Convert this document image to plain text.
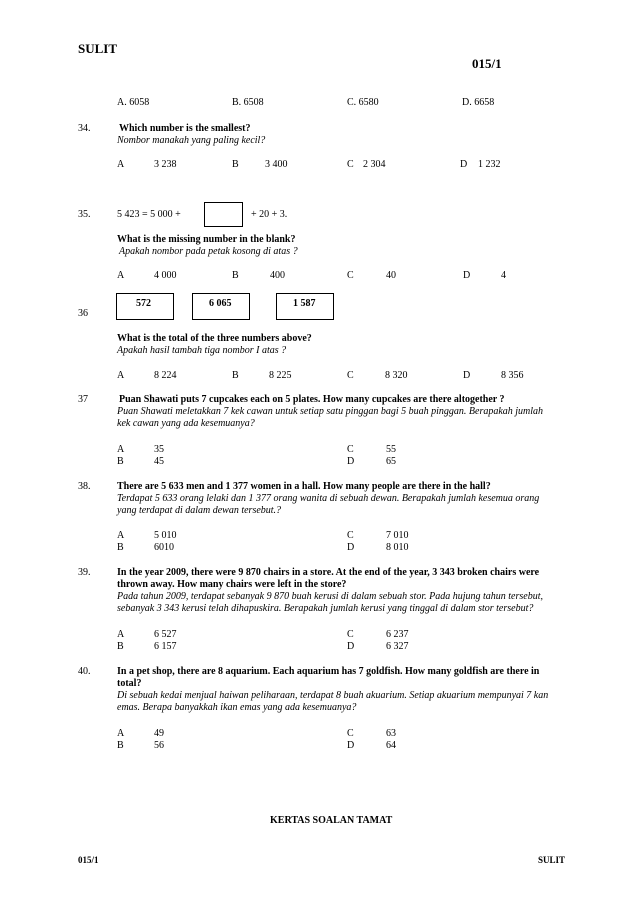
SULIT
015/1
A. 6058	B. 6508	C. 6580	D. 6658
34.	Which number is the smallest?
Nombor manakah yang paling kecil?
A	3 238	B	3 400	C 2 304	D 1 232
35.	5 423 = 5 000 +	+ 20 + 3.
What is the missing number in the blank?
Apakah nombor pada petak kosong di atas ?
A	4 000	B	400	C	40	D	4
572	6 065	1 587
36
What is the total of the three numbers above?
Apakah hasil tambah tiga nombor I atas ?
A	8 224	B	8 225	C	8 320	D	8 356
37	Puan Shawati puts 7 cupcakes each on 5 plates. How many cupcakes are there altogether ?
Puan Shawati meletakkan 7 kek cawan untuk setiap satu pinggan bagi 5 buah pinggan. Berapakah jumlah
kek cawan yang ada kesemuanya?
A	35
B	45
C	55
D	65
38.	There are 5 633 men and 1 377 women in a hall. How many people are there in the hall?
Terdapat 5 633 orang lelaki dan 1 377 orang wanita di sebuah dewan. Berapakah jumlah kesemua orang
yang terdapat di dalam dewan tersebut.?
A	5 010
B	6010
C	7 010
D	8 010
39.	In the year 2009, there were 9 870 chairs in a store. At the end of the year, 3 343 broken chairs were
thrown away. How many chairs were left in the store?
Pada tahun 2009, terdapat sebanyak 9 870 buah kerusi di dalam sebuah stor. Pada hujung tahun tersebut,
sebanyak 3 343 kerusi telah dihapuskira. Berapakah jumlah kerusi yang tinggal di dalam stor tersebut?
A	6 527
B	6 157
C	6 237
D	6 327
40.	In a pet shop, there are 8 aquarium. Each aquarium has 7 goldfish. How many goldfish are there in
total?
Di sebuah kedai menjual haiwan peliharaan, terdapat 8 buah akuarium. Setiap akuarium mempunyai 7 kan
emas. Berapa banyakkah ikan emas yang ada kesemuanya?
A	49
B	56
C	63
D	64
KERTAS SOALAN TAMAT
015/1	SULIT
